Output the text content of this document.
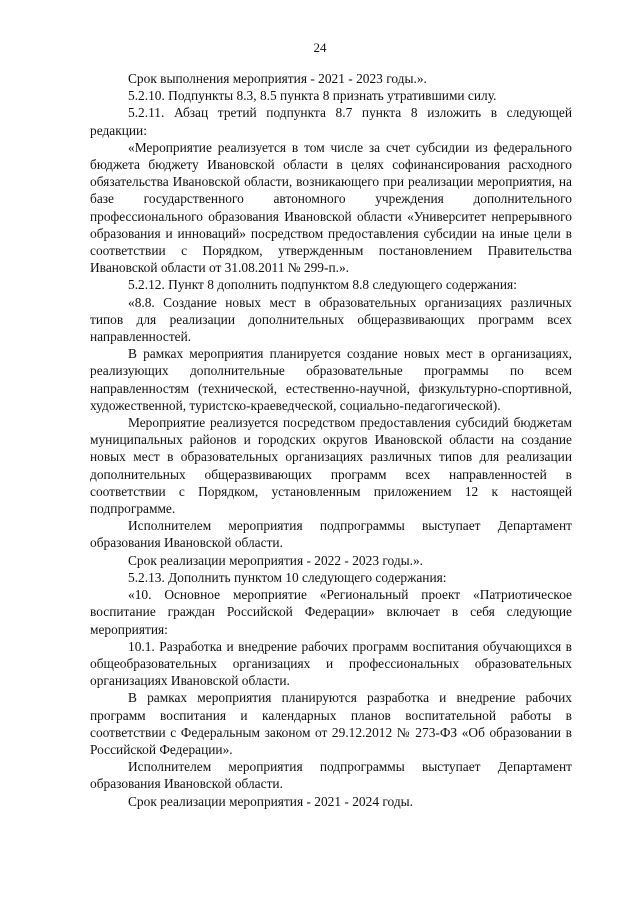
24

Срок выполнения мероприятия - 2021 - 2023 годы.».

5.2.10. Подпункты 8.3, 8.5 пункта 8 признать утратившими силу.

5.2.11. Абзац третий подпункта 8.7 пункта 8 изложить в следующей редакции:

«Мероприятие реализуется в том числе за счет субсидии из федерального бюджета бюджету Ивановской области в целях софинансирования расходного обязательства Ивановской области, возникающего при реализации мероприятия, на базе государственного автономного учреждения дополнительного профессионального образования Ивановской области «Университет непрерывного образования и инноваций» посредством предоставления субсидии на иные цели в соответствии с Порядком, утвержденным постановлением Правительства Ивановской области от 31.08.2011 № 299-п.».

5.2.12. Пункт 8 дополнить подпунктом 8.8 следующего содержания:

«8.8. Создание новых мест в образовательных организациях различных типов для реализации дополнительных общеразвивающих программ всех направленностей.

В рамках мероприятия планируется создание новых мест в организациях, реализующих дополнительные образовательные программы по всем направленностям (технической, естественно-научной, физкультурно-спортивной, художественной, туристско-краеведческой, социально-педагогической).

Мероприятие реализуется посредством предоставления субсидий бюджетам муниципальных районов и городских округов Ивановской области на создание новых мест в образовательных организациях различных типов для реализации дополнительных общеразвивающих программ всех направленностей в соответствии с Порядком, установленным приложением 12 к настоящей подпрограмме.

Исполнителем мероприятия подпрограммы выступает Департамент образования Ивановской области.

Срок реализации мероприятия - 2022 - 2023 годы.».

5.2.13. Дополнить пунктом 10 следующего содержания:

«10. Основное мероприятие «Региональный проект «Патриотическое воспитание граждан Российской Федерации» включает в себя следующие мероприятия:

10.1. Разработка и внедрение рабочих программ воспитания обучающихся в общеобразовательных организациях и профессиональных образовательных организациях Ивановской области.

В рамках мероприятия планируются разработка и внедрение рабочих программ воспитания и календарных планов воспитательной работы в соответствии с Федеральным законом от 29.12.2012 № 273-ФЗ «Об образовании в Российской Федерации».

Исполнителем мероприятия подпрограммы выступает Департамент образования Ивановской области.

Срок реализации мероприятия - 2021 - 2024 годы.
